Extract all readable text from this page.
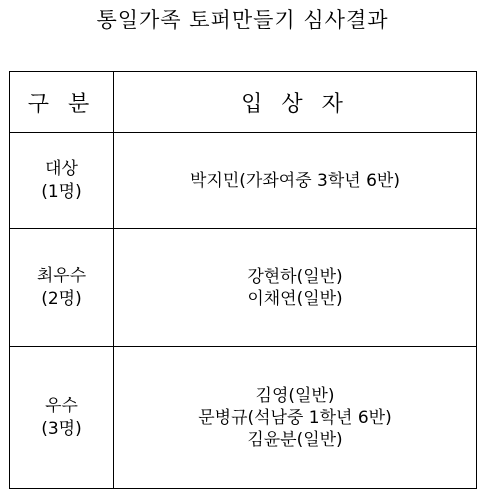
통일가족 토퍼만들기 심사결과
구 분	입 상 자

대상
(1명)	박지민(가좌여중 3학년 6반)

최우수
(2명)	강현하(일반)
이채연(일반)

우수
(3명)	김영(일반)
문병규(석남중 1학년 6반)
김윤분(일반)
